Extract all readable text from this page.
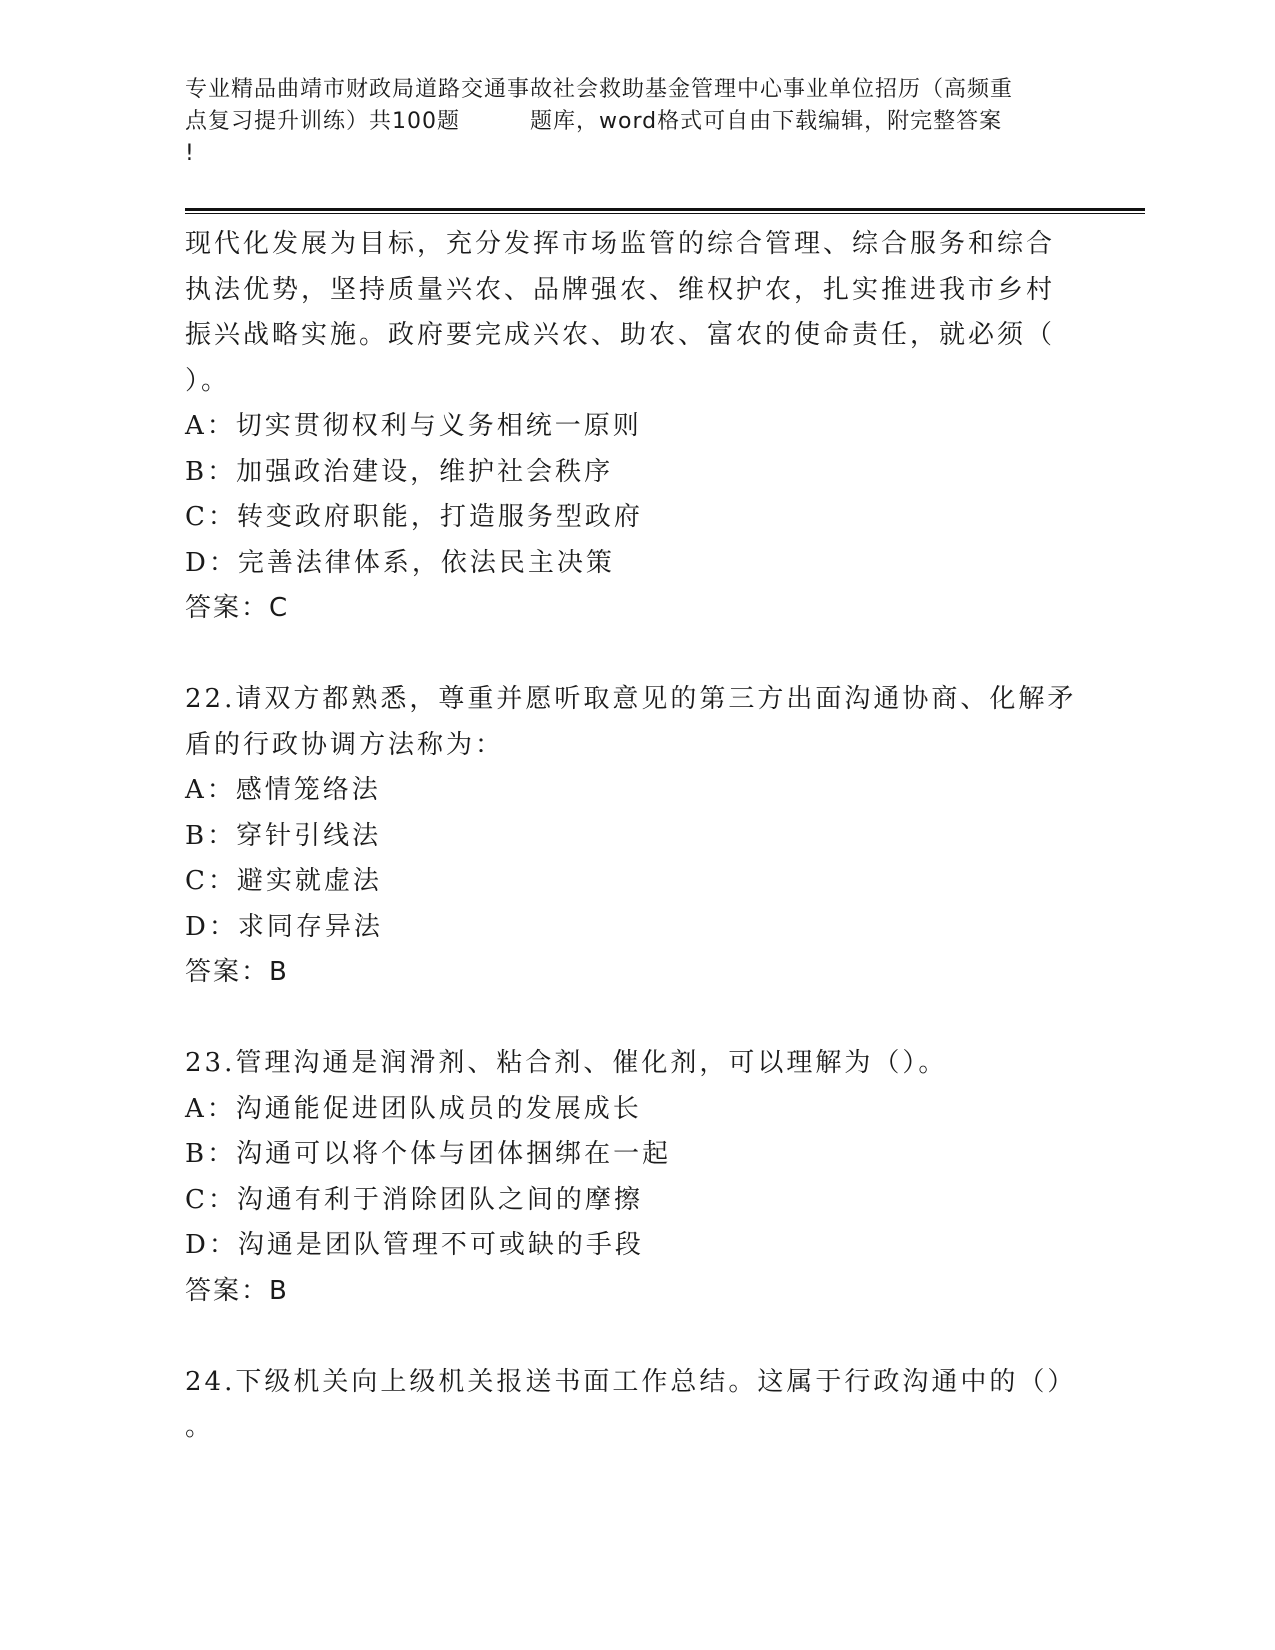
专业精品曲靖市财政局道路交通事故社会救助基金管理中心事业单位招历（高频重
点复习提升训练）共100题	题库，word格式可自由下载编辑，附完整答案
!
现代化发展为目标，充分发挥市场监管的综合管理、综合服务和综合
执法优势，坚持质量兴农、品牌强农、维权护农，扎实推进我市乡村
振兴战略实施。政府要完成兴农、助农、富农的使命责任，就必须（
）。
A：切实贯彻权利与义务相统一原则
B：加强政治建设，维护社会秩序
C：转变政府职能，打造服务型政府
D：完善法律体系，依法民主决策
答案：C
22.请双方都熟悉，尊重并愿听取意见的第三方出面沟通协商、化解矛
盾的行政协调方法称为：
A：感情笼络法
B：穿针引线法
C：避实就虚法
D：求同存异法
答案：B
23.管理沟通是润滑剂、粘合剂、催化剂，可以理解为（）。
A：沟通能促进团队成员的发展成长
B：沟通可以将个体与团体捆绑在一起
C：沟通有利于消除团队之间的摩擦
D：沟通是团队管理不可或缺的手段
答案：B
24.下级机关向上级机关报送书面工作总结。这属于行政沟通中的（）
。
